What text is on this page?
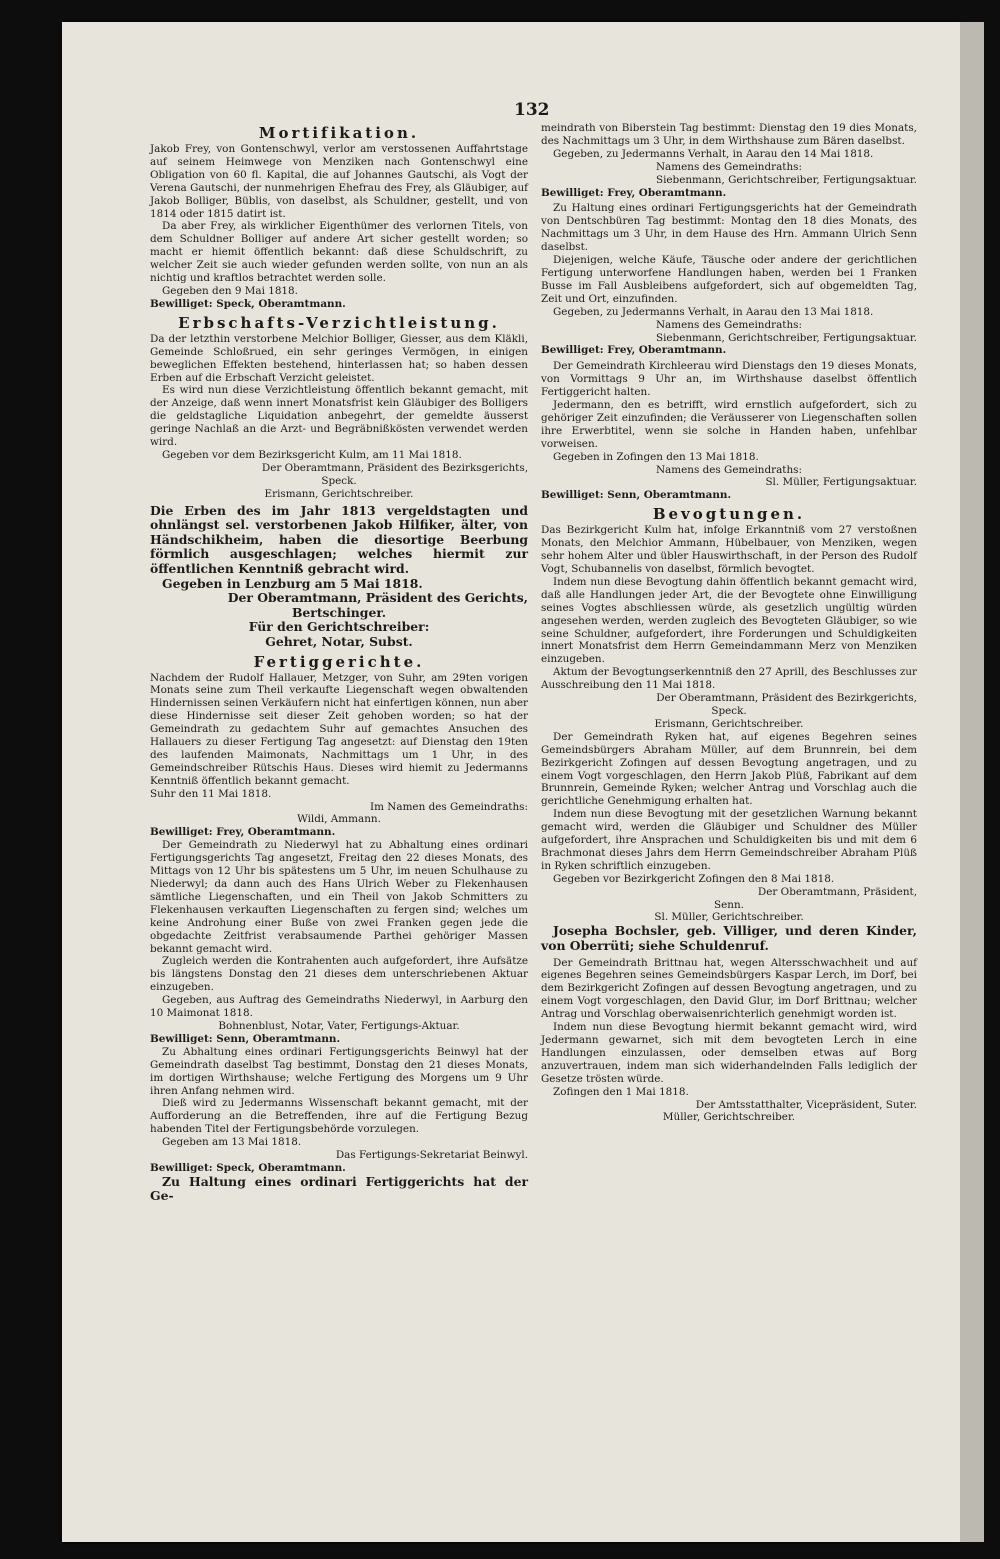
132
Mortifikation.

Jakob Frey, von Gontenschwyl, verlor am verstossenen Auffahrtstage auf seinem Heimwege von Menziken nach Gontenschwyl eine Obligation von 60 fl. Kapital, die auf Johannes Gautschi, als Vogt der Verena Gautschi, der nunmehrigen Ehefrau des Frey, als Gläubiger, auf Jakob Bolliger, Büblis, von daselbst, als Schuldner, gestellt, und von 1814 oder 1815 datirt ist.

Da aber Frey, als wirklicher Eigenthümer des verlornen Titels, von dem Schuldner Bolliger auf andere Art sicher gestellt worden; so macht er hiemit öffentlich bekannt: daß diese Schuldschrift, zu welcher Zeit sie auch wieder gefunden werden sollte, von nun an als nichtig und kraftlos betrachtet werden solle.

Gegeben den 9 Mai 1818.

Bewilliget: Speck, Oberamtmann.

Erbschafts-Verzichtleistung.

Da der letzthin verstorbene Melchior Bolliger, Giesser, aus dem Kläkli, Gemeinde Schloßrued, ein sehr geringes Vermögen, in einigen beweglichen Effekten bestehend, hinterlassen hat; so haben dessen Erben auf die Erbschaft Verzicht geleistet.

Es wird nun diese Verzichtleistung öffentlich bekannt gemacht, mit der Anzeige, daß wenn innert Monatsfrist kein Gläubiger des Bolligers die geldstagliche Liquidation anbegehrt, der gemeldte äusserst geringe Nachlaß an die Arzt- und Begräbnißkösten verwendet werden wird.

Gegeben vor dem Bezirksgericht Kulm, am 11 Mai 1818.

Der Oberamtmann, Präsident des Bezirksgerichts,

Speck.

Erismann, Gerichtschreiber.

Die Erben des im Jahr 1813 vergeldstagten und ohnlängst sel. verstorbenen Jakob Hilfiker, älter, von Händschikheim, haben die diesortige Beerbung förmlich ausgeschlagen; welches hiermit zur öffentlichen Kenntniß gebracht wird.

Gegeben in Lenzburg am 5 Mai 1818.

Der Oberamtmann, Präsident des Gerichts,

Bertschinger.

Für den Gerichtschreiber:

Gehret, Notar, Subst.

Fertiggerichte.

Nachdem der Rudolf Hallauer, Metzger, von Suhr, am 29ten vorigen Monats seine zum Theil verkaufte Liegenschaft wegen obwaltenden Hindernissen seinen Verkäufern nicht hat einfertigen können, nun aber diese Hindernisse seit dieser Zeit gehoben worden; so hat der Gemeindrath zu gedachtem Suhr auf gemachtes Ansuchen des Hallauers zu dieser Fertigung Tag angesetzt: auf Dienstag den 19ten des laufenden Maimonats, Nachmittags um 1 Uhr, in des Gemeindschreiber Rütschis Haus. Dieses wird hiemit zu Jedermanns Kenntniß öffentlich bekannt gemacht.

Suhr den 11 Mai 1818.

Im Namen des Gemeindraths:

Wildi, Ammann.

Bewilliget: Frey, Oberamtmann.

Der Gemeindrath zu Niederwyl hat zu Abhaltung eines ordinari Fertigungsgerichts Tag angesetzt, Freitag den 22 dieses Monats, des Mittags von 12 Uhr bis spätestens um 5 Uhr, im neuen Schulhause zu Niederwyl; da dann auch des Hans Ulrich Weber zu Flekenhausen sämtliche Liegenschaften, und ein Theil von Jakob Schmitters zu Flekenhausen verkauften Liegenschaften zu fergen sind; welches um keine Androhung einer Buße von zwei Franken gegen jede die obgedachte Zeitfrist verabsaumende Parthei gehöriger Massen bekannt gemacht wird.

Zugleich werden die Kontrahenten auch aufgefordert, ihre Aufsätze bis längstens Donstag den 21 dieses dem unterschriebenen Aktuar einzugeben.

Gegeben, aus Auftrag des Gemeindraths Niederwyl, in Aarburg den 10 Maimonat 1818.

Bohnenblust, Notar, Vater, Fertigungs-Aktuar.

Bewilliget: Senn, Oberamtmann.

Zu Abhaltung eines ordinari Fertigungsgerichts Beinwyl hat der Gemeindrath daselbst Tag bestimmt, Donstag den 21 dieses Monats, im dortigen Wirthshause; welche Fertigung des Morgens um 9 Uhr ihren Anfang nehmen wird.

Dieß wird zu Jedermanns Wissenschaft bekannt gemacht, mit der Aufforderung an die Betreffenden, ihre auf die Fertigung Bezug habenden Titel der Fertigungsbehörde vorzulegen.

Gegeben am 13 Mai 1818.

Das Fertigungs-Sekretariat Beinwyl.

Bewilliget: Speck, Oberamtmann.

Zu Haltung eines ordinari Fertiggerichts hat der Ge-

meindrath von Biberstein Tag bestimmt: Dienstag den 19 dies Monats, des Nachmittags um 3 Uhr, in dem Wirthshause zum Bären daselbst.

Gegeben, zu Jedermanns Verhalt, in Aarau den 14 Mai 1818.

Namens des Gemeindraths:

Siebenmann, Gerichtschreiber, Fertigungsaktuar.

Bewilliget: Frey, Oberamtmann.

Zu Haltung eines ordinari Fertigungsgerichts hat der Gemeindrath von Dentschbüren Tag bestimmt: Montag den 18 dies Monats, des Nachmittags um 3 Uhr, in dem Hause des Hrn. Ammann Ulrich Senn daselbst.

Diejenigen, welche Käufe, Täusche oder andere der gerichtlichen Fertigung unterworfene Handlungen haben, werden bei 1 Franken Busse im Fall Ausbleibens aufgefordert, sich auf obgemeldten Tag, Zeit und Ort, einzufinden.

Gegeben, zu Jedermanns Verhalt, in Aarau den 13 Mai 1818.

Namens des Gemeindraths:

Siebenmann, Gerichtschreiber, Fertigungsaktuar.

Bewilliget: Frey, Oberamtmann.

Der Gemeindrath Kirchleerau wird Dienstags den 19 dieses Monats, von Vormittags 9 Uhr an, im Wirthshause daselbst öffentlich Fertiggericht halten.

Jedermann, den es betrifft, wird ernstlich aufgefordert, sich zu gehöriger Zeit einzufinden; die Veräusserer von Liegenschaften sollen ihre Erwerbtitel, wenn sie solche in Handen haben, unfehlbar vorweisen.

Gegeben in Zofingen den 13 Mai 1818.

Namens des Gemeindraths:

Sl. Müller, Fertigungsaktuar.

Bewilliget: Senn, Oberamtmann.

Bevogtungen.

Das Bezirkgericht Kulm hat, infolge Erkanntniß vom 27 verstoßnen Monats, den Melchior Ammann, Hübelbauer, von Menziken, wegen sehr hohem Alter und übler Hauswirthschaft, in der Person des Rudolf Vogt, Schubannelis von daselbst, förmlich bevogtet.

Indem nun diese Bevogtung dahin öffentlich bekannt gemacht wird, daß alle Handlungen jeder Art, die der Bevogtete ohne Einwilligung seines Vogtes abschliessen würde, als gesetzlich ungültig würden angesehen werden, werden zugleich des Bevogteten Gläubiger, so wie seine Schuldner, aufgefordert, ihre Forderungen und Schuldigkeiten innert Monatsfrist dem Herrn Gemeindammann Merz von Menziken einzugeben.

Aktum der Bevogtungserkenntniß den 27 Aprill, des Beschlusses zur Ausschreibung den 11 Mai 1818.

Der Oberamtmann, Präsident des Bezirkgerichts,

Speck.

Erismann, Gerichtschreiber.

Der Gemeindrath Ryken hat, auf eigenes Begehren seines Gemeindsbürgers Abraham Müller, auf dem Brunnrein, bei dem Bezirkgericht Zofingen auf dessen Bevogtung angetragen, und zu einem Vogt vorgeschlagen, den Herrn Jakob Plüß, Fabrikant auf dem Brunnrein, Gemeinde Ryken; welcher Antrag und Vorschlag auch die gerichtliche Genehmigung erhalten hat.

Indem nun diese Bevogtung mit der gesetzlichen Warnung bekannt gemacht wird, werden die Gläubiger und Schuldner des Müller aufgefordert, ihre Ansprachen und Schuldigkeiten bis und mit dem 6 Brachmonat dieses Jahrs dem Herrn Gemeindschreiber Abraham Plüß in Ryken schriftlich einzugeben.

Gegeben vor Bezirkgericht Zofingen den 8 Mai 1818.

Der Oberamtmann, Präsident,

Senn.

Sl. Müller, Gerichtschreiber.

Josepha Bochsler, geb. Villiger, und deren Kinder, von Oberrüti; siehe Schuldenruf.

Der Gemeindrath Brittnau hat, wegen Altersschwachheit und auf eigenes Begehren seines Gemeindsbürgers Kaspar Lerch, im Dorf, bei dem Bezirkgericht Zofingen auf dessen Bevogtung angetragen, und zu einem Vogt vorgeschlagen, den David Glur, im Dorf Brittnau; welcher Antrag und Vorschlag oberwaisenrichterlich genehmigt worden ist.

Indem nun diese Bevogtung hiermit bekannt gemacht wird, wird Jedermann gewarnet, sich mit dem bevogteten Lerch in eine Handlungen einzulassen, oder demselben etwas auf Borg anzuvertrauen, indem man sich widerhandelnden Falls lediglich der Gesetze trösten würde.

Zofingen den 1 Mai 1818.

Der Amtsstatthalter, Vicepräsident, Suter.

Müller, Gerichtschreiber.
